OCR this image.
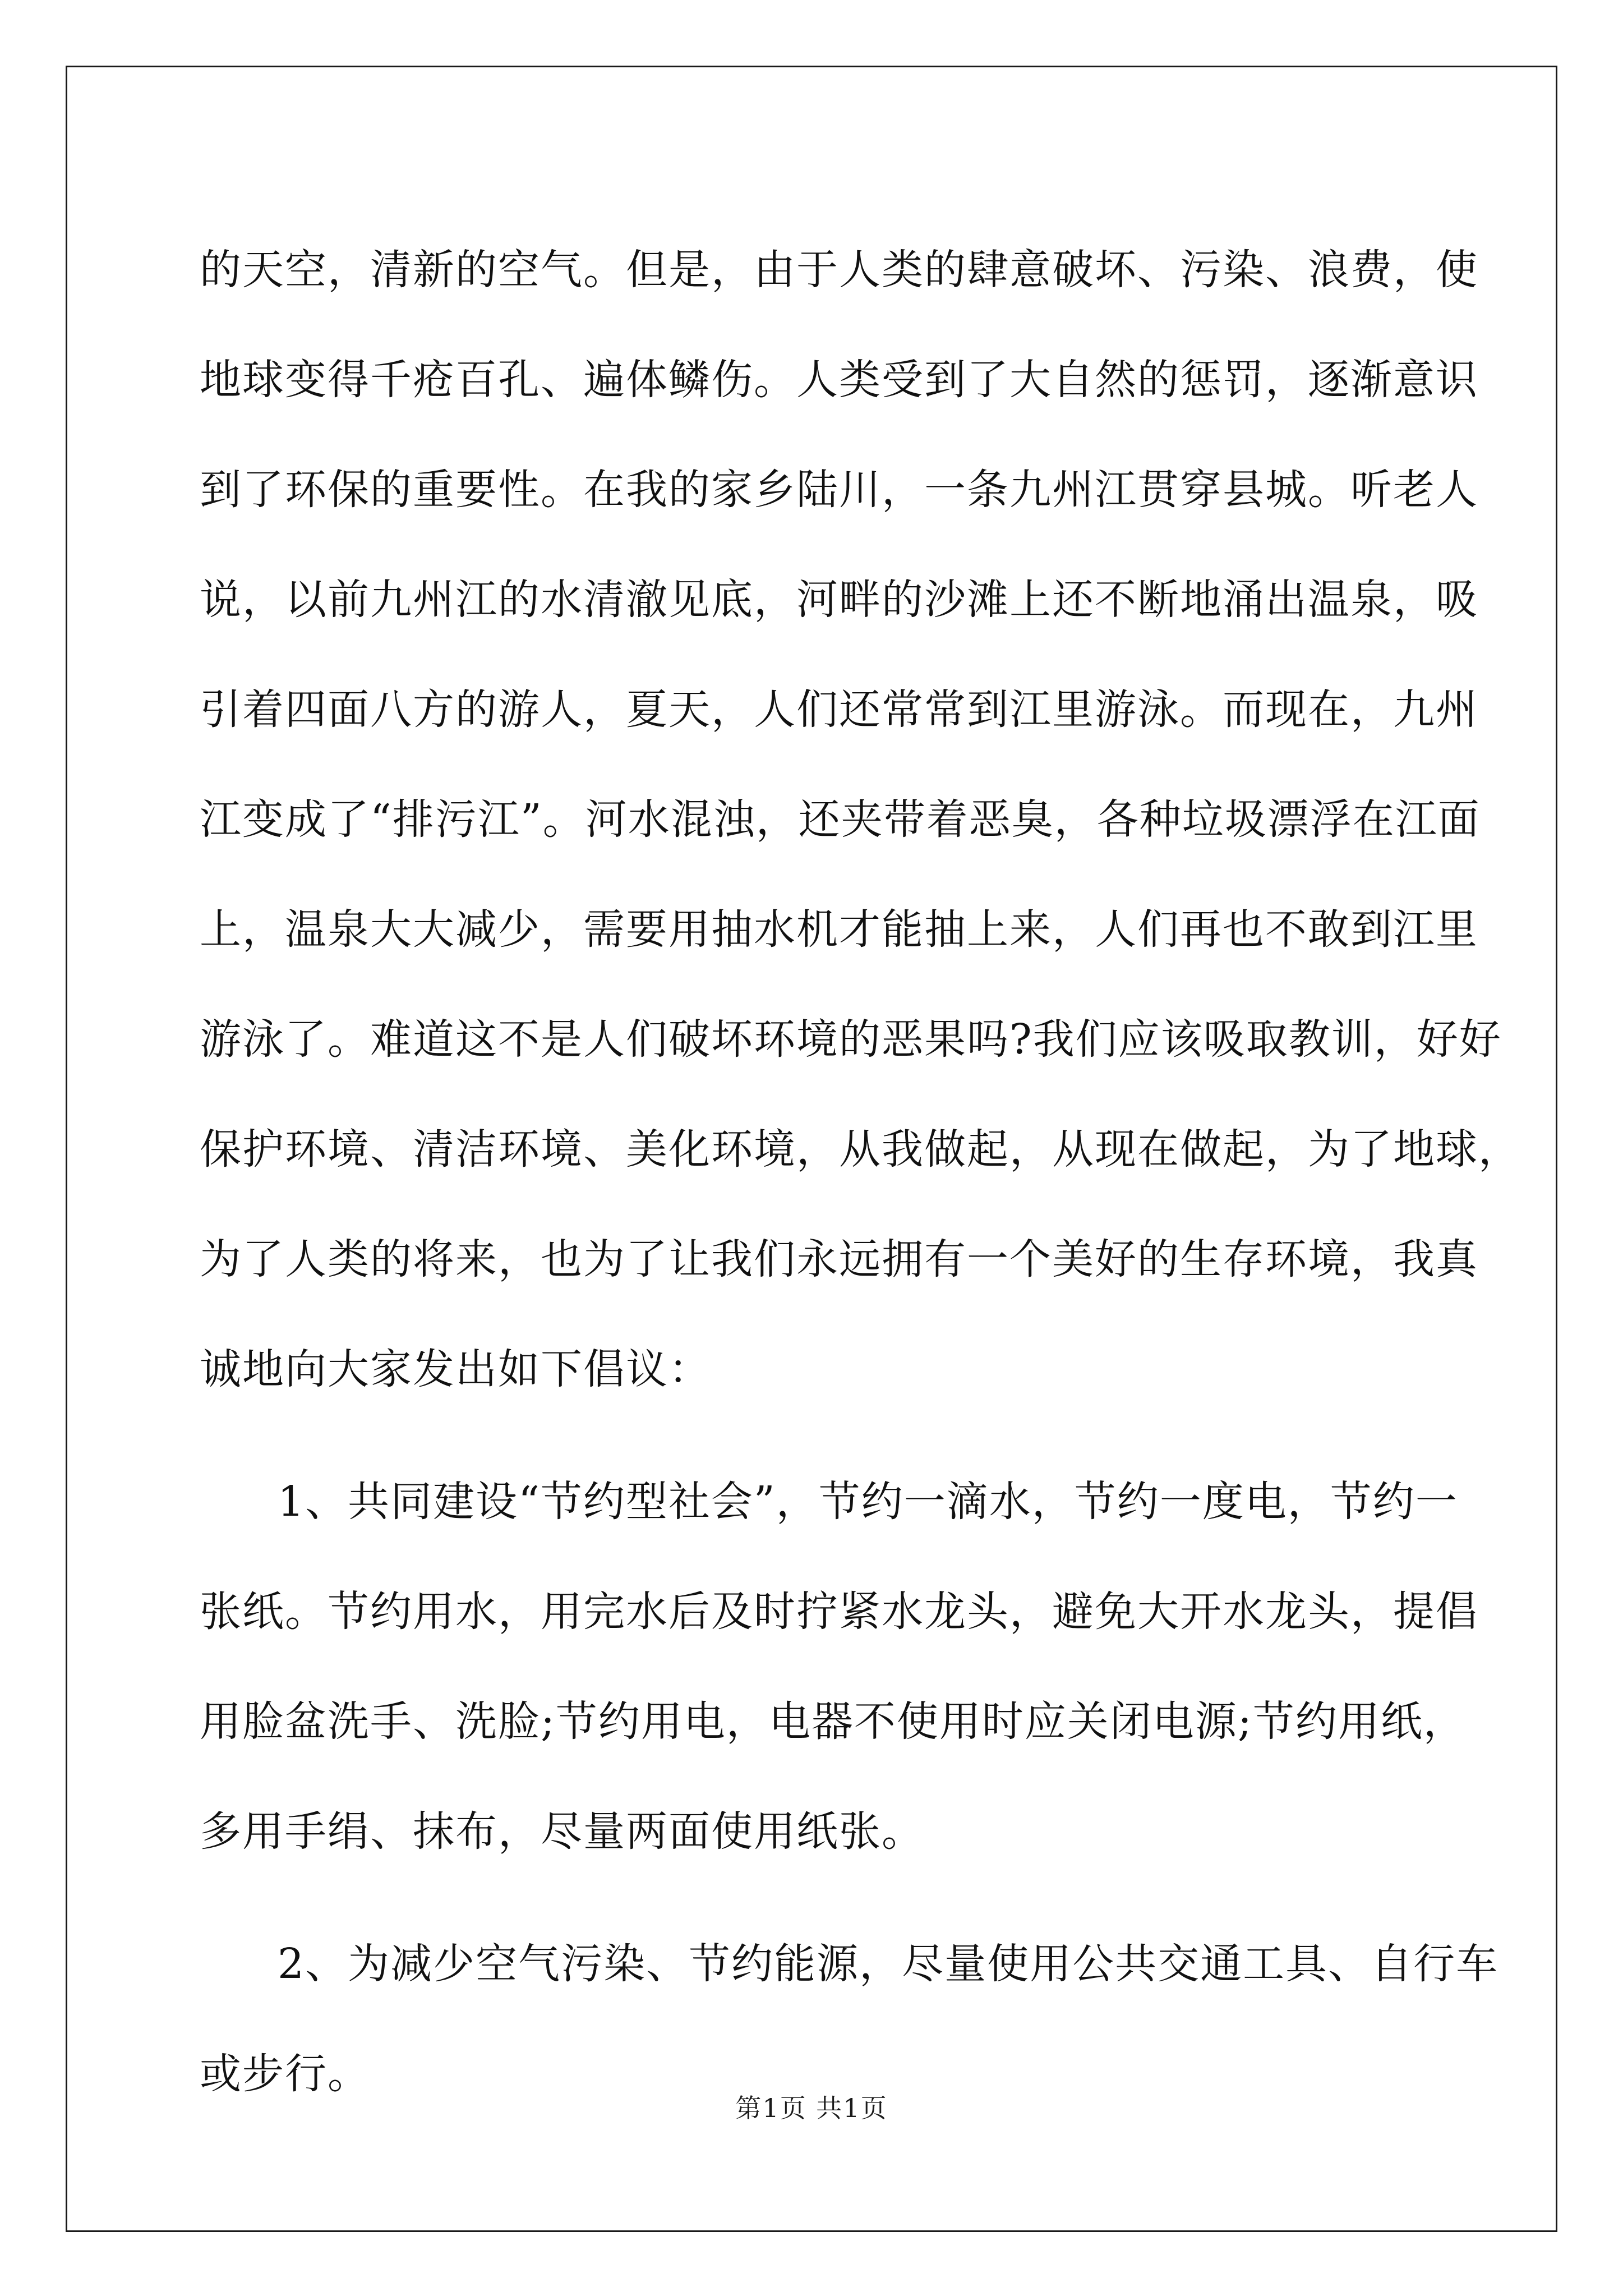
的 天 空 ， 清 新 的 空 气 。 但 是 ， 由 于 人 类 的 肆 意 破 坏 、 污 染 、 浪 费 ， 使
地 球 变 得 千 疮 百 孔 、 遍 体 鳞 伤 。 人 类 受 到 了 大 自 然 的 惩 罚 ， 逐 渐 意 识
到 了 环 保 的 重 要 性 。 在 我 的 家 乡 陆 川 ， 一 条 九 州 江 贯 穿 县 城 。 听 老 人
说 ， 以 前 九 州 江 的 水 清 澈 见 底 ， 河 畔 的 沙 滩 上 还 不 断 地 涌 出 温 泉 ， 吸
引 着 四 面 八 方 的 游 人 ， 夏 天 ， 人 们 还 常 常 到 江 里 游 泳 。 而 现 在 ， 九 州
江 变 成 了 “ 排 污 江 ” 。 河 水 混 浊 ， 还 夹 带 着 恶 臭 ， 各 种 垃 圾 漂 浮 在 江 面
上 ， 温 泉 大 大 减 少 ， 需 要 用 抽 水 机 才 能 抽 上 来 ， 人 们 再 也 不 敢 到 江 里
游 泳 了 。 难 道 这 不 是 人 们 破 坏 环 境 的 恶 果 吗 ? 我 们 应 该 吸 取 教 训 ， 好 好
保 护 环 境 、 清 洁 环 境 、 美 化 环 境 ， 从 我 做 起 ， 从 现 在 做 起 ， 为 了 地 球 ，
为 了 人 类 的 将 来 ， 也 为 了 让 我 们 永 远 拥 有 一 个 美 好 的 生 存 环 境 ， 我 真
诚地向大家发出如下倡议：
1、共同建设“节约型社会”，节约一滴水，节约一度电，节约一
张纸。节约用水，用完水后及时拧紧水龙头，避免大开水龙头，提倡
用脸盆洗手、洗脸;节约用电，电器不使用时应关闭电源;节约用纸，
多用手绢、抹布，尽量两面使用纸张。
2、为减少空气污染、节约能源，尽量使用公共交通工具、自行车
或步行。
第1页 共1页
